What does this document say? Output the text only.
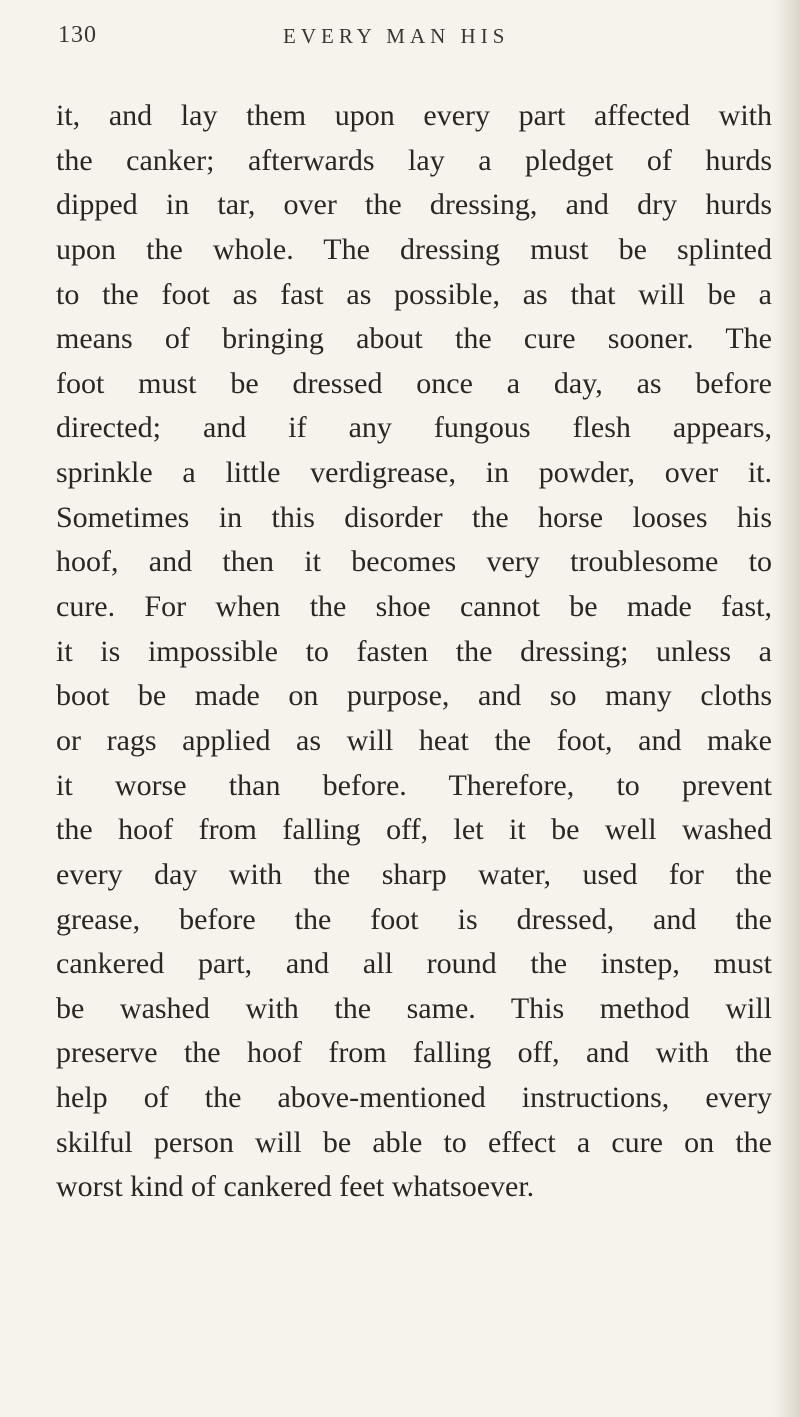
130	EVERY MAN HIS
it, and lay them upon every part affected with
the canker; afterwards lay a pledget of hurds
dipped in tar, over the dressing, and dry hurds
upon the whole. The dressing must be splinted
to the foot as fast as possible, as that will be a
means of bringing about the cure sooner. The
foot must be dressed once a day, as before
directed; and if any fungous flesh appears,
sprinkle a little verdigrease, in powder, over it.
Sometimes in this disorder the horse looses his
hoof, and then it becomes very troublesome to
cure. For when the shoe cannot be made fast,
it is impossible to fasten the dressing; unless a
boot be made on purpose, and so many cloths
or rags applied as will heat the foot, and make
it worse than before. Therefore, to prevent
the hoof from falling off, let it be well washed
every day with the sharp water, used for the
grease, before the foot is dressed, and the
cankered part, and all round the instep, must
be washed with the same. This method will
preserve the hoof from falling off, and with the
help of the above-mentioned instructions, every
skilful person will be able to effect a cure on the
worst kind of cankered feet whatsoever.
